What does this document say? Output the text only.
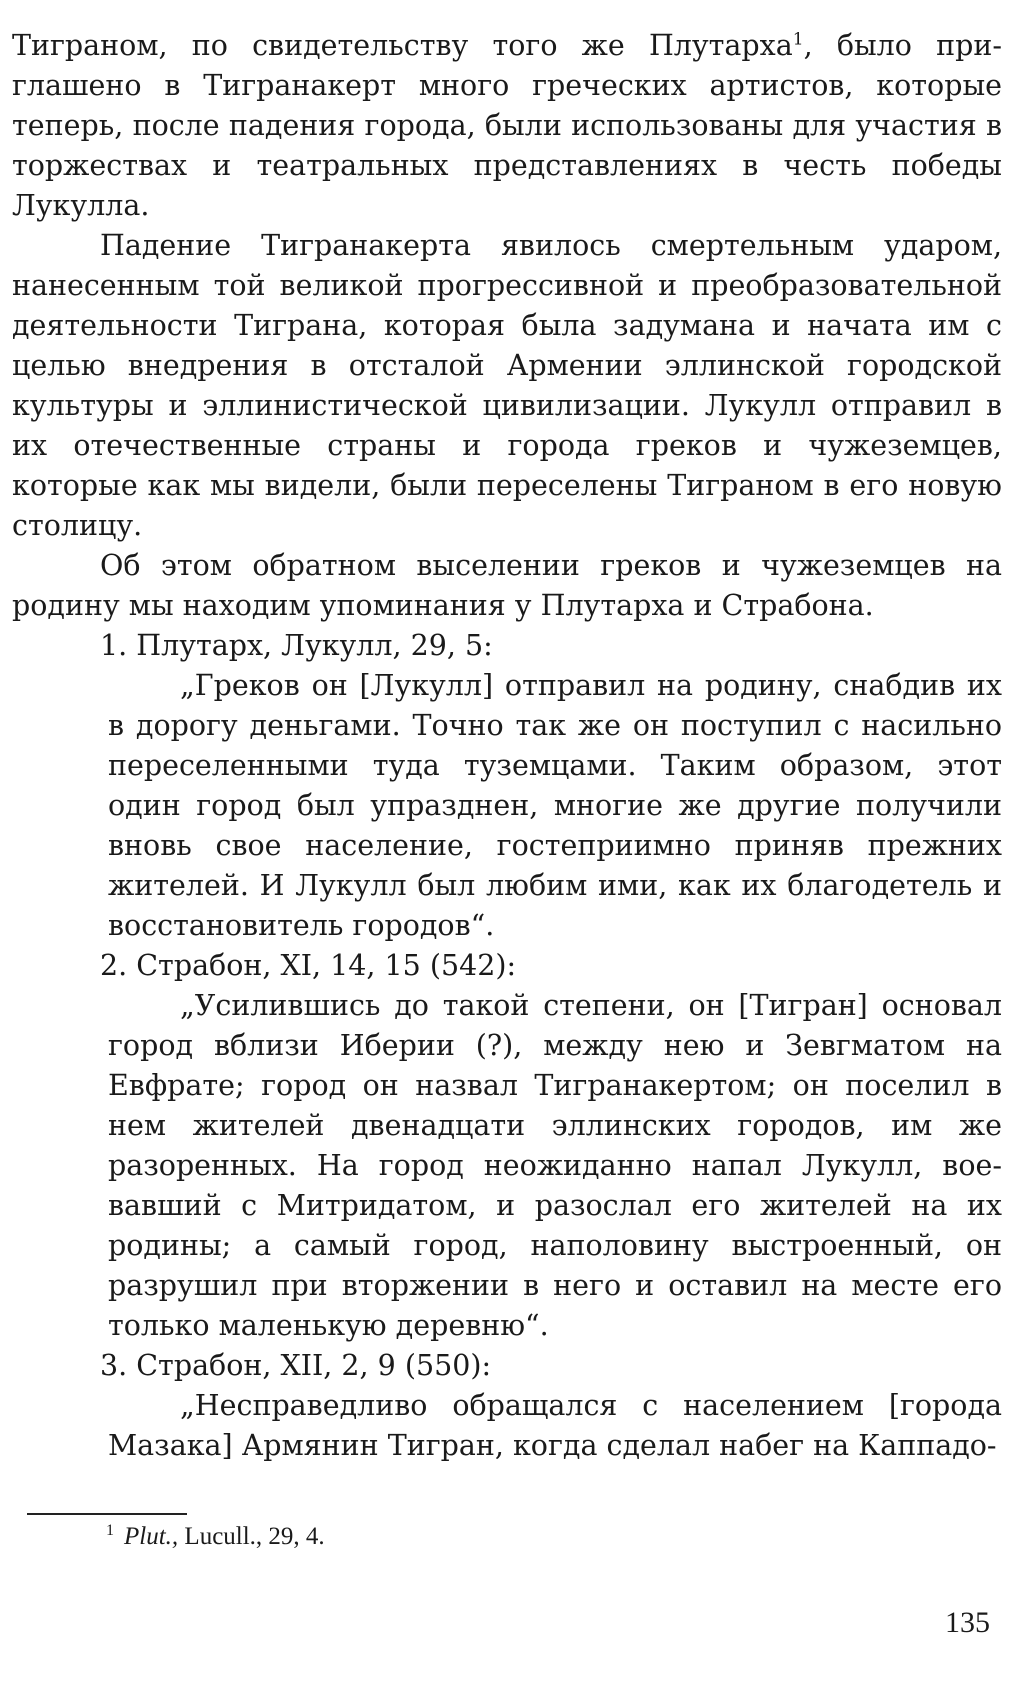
Тиграном, по свидетельству того же Плутарха$^1$, было приглашено в Тигранакерт много греческих артистов, которые теперь, после падения города, были использованы для участия в торжествах и театральных представлениях в честь победы Лукулла.

Падение Тигранакерта явилось смертельным ударом, нанесенным той великой прогрессивной и преобразовательной деятельности Тиграна, которая была задумана и начата им с целью внедрения в отсталой Армении эллинской городской культуры и эллинистической цивилизации. Лукулл отправил в их отечественные страны и города греков и чужеземцев, которые как мы видели, были переселены Тиграном в его новую столицу.

Об этом обратном выселении греков и чужеземцев на родину мы находим упоминания у Плутарха и Страбона.

1. Плутарх, Лукулл, 29, 5:

„Греков он [Лукулл] отправил на родину, снабдив их в дорогу деньгами. Точно так же он поступил с насильно переселенными туда туземцами. Таким образом, этот один город был упразднен, многие же другие получили вновь свое население, гостеприимно приняв прежних жителей. И Лукулл был любим ими, как их благодетель и восстановитель городов“.

2. Страбон, XI, 14, 15 (542):

„Усилившись до такой степени, он [Тигран] основал город вблизи Иберии (?), между нею и Зевгматом на Евфрате; город он назвал Тигранакертом; он поселил в нем жителей двенадцати эллинских городов, им же разоренных. На город неожиданно напал Лукулл, воевавший с Митридатом, и разослал его жителей на их родины; а самый город, наполовину выстроенный, он разрушил при вторжении в него и оставил на месте его только маленькую деревню“.

3. Страбон, XII, 2, 9 (550):

„Несправедливо обращался с населением [города Мазака] Армянин Тигран, когда сделал набег на Каппадо-

$^1$ Plut., Lucull., 29, 4.
135
